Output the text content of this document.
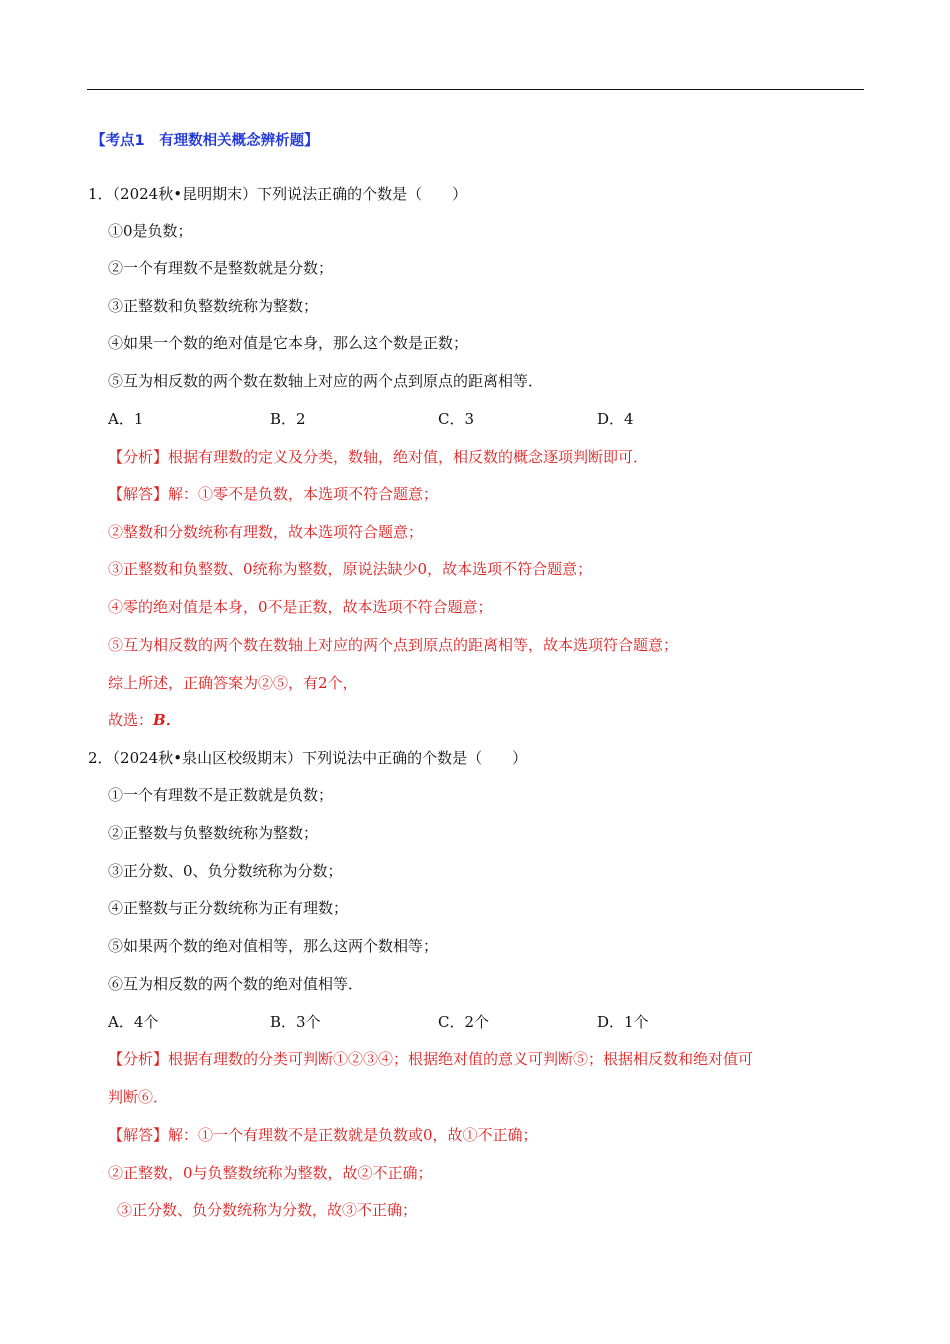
【考点1　有理数相关概念辨析题】
1．（2024秋•昆明期末）下列说法正确的个数是（　　）
①0是负数；
②一个有理数不是整数就是分数；
③正整数和负整数统称为整数；
④如果一个数的绝对值是它本身，那么这个数是正数；
⑤互为相反数的两个数在数轴上对应的两个点到原点的距离相等．
A．1	B．2	C．3	D．4
【分析】根据有理数的定义及分类，数轴，绝对值，相反数的概念逐项判断即可．
【解答】解：①零不是负数，本选项不符合题意；
②整数和分数统称有理数，故本选项符合题意；
③正整数和负整数、0统称为整数，原说法缺少0，故本选项不符合题意；
④零的绝对值是本身，0不是正数，故本选项不符合题意；
⑤互为相反数的两个数在数轴上对应的两个点到原点的距离相等，故本选项符合题意；
综上所述，正确答案为②⑤，有2个，
故选：B．
2．（2024秋•泉山区校级期末）下列说法中正确的个数是（　　）
①一个有理数不是正数就是负数；
②正整数与负整数统称为整数；
③正分数、0、负分数统称为分数；
④正整数与正分数统称为正有理数；
⑤如果两个数的绝对值相等，那么这两个数相等；
⑥互为相反数的两个数的绝对值相等．
A．4个	B．3个	C．2个	D．1个
【分析】根据有理数的分类可判断①②③④；根据绝对值的意义可判断⑤；根据相反数和绝对值可
判断⑥．
【解答】解：①一个有理数不是正数就是负数或0，故①不正确；
②正整数，0与负整数统称为整数，故②不正确；
③正分数、负分数统称为分数，故③不正确；
